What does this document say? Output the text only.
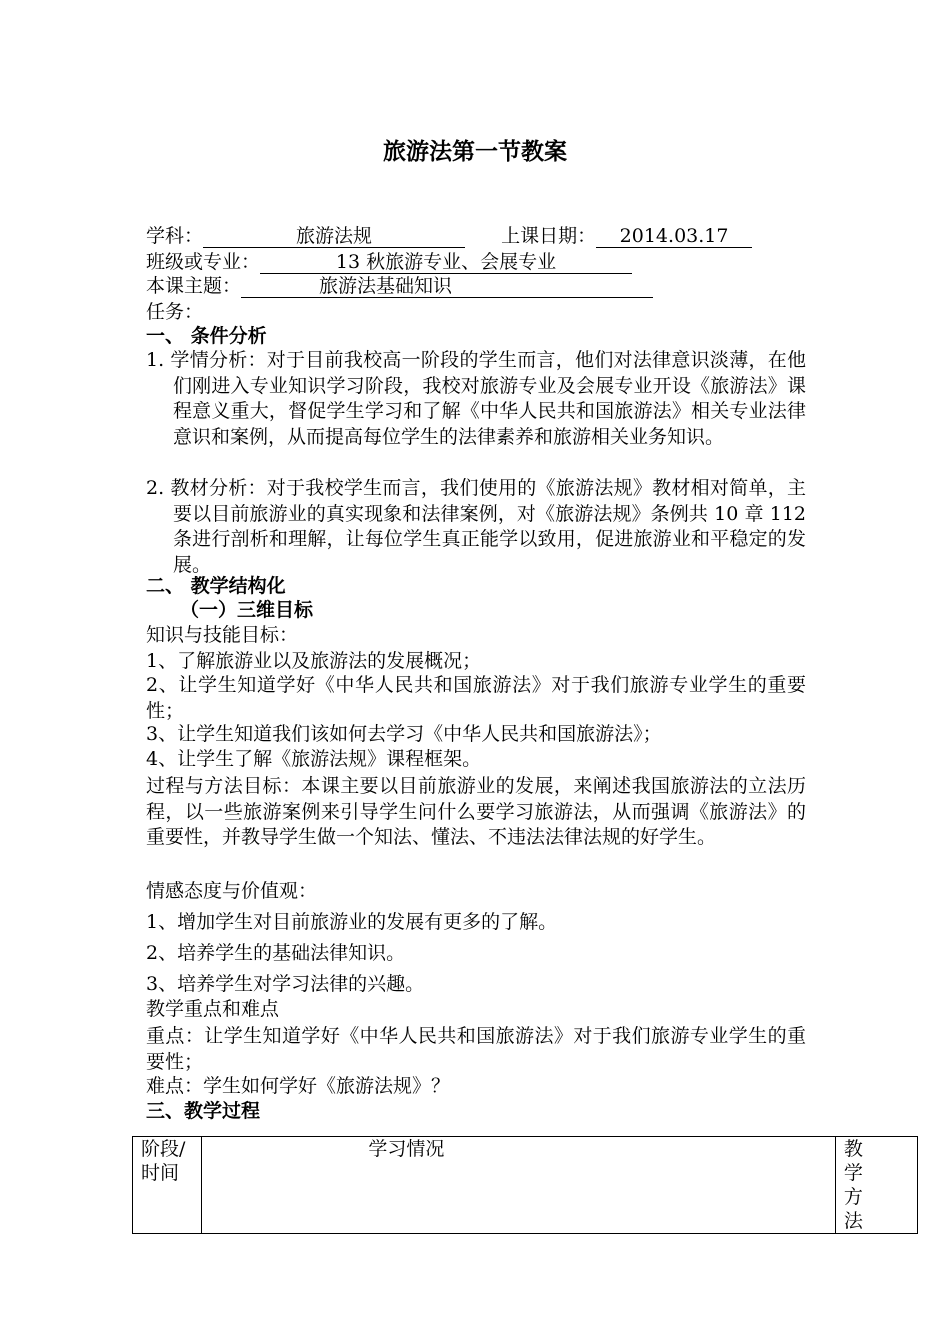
旅游法第一节教案
学科：	旅游法规	上课日期： 2014.03.17
班级或专业：	13 秋旅游专业、会展专业
本课主题：	旅游法基础知识
任务：
一、 条件分析
1. 学情分析：对于目前我校高一阶段的学生而言，他们对法律意识淡薄，在他们刚进入专业知识学习阶段，我校对旅游专业及会展专业开设《旅游法》课程意义重大，督促学生学习和了解《中华人民共和国旅游法》相关专业法律意识和案例，从而提高每位学生的法律素养和旅游相关业务知识。
2. 教材分析：对于我校学生而言，我们使用的《旅游法规》教材相对简单，主要以目前旅游业的真实现象和法律案例，对《旅游法规》条例共 10 章 112 条进行剖析和理解，让每位学生真正能学以致用，促进旅游业和平稳定的发展。
二、 教学结构化
（一）三维目标
知识与技能目标：
1、了解旅游业以及旅游法的发展概况；
2、让学生知道学好《中华人民共和国旅游法》对于我们旅游专业学生的重要性；
3、让学生知道我们该如何去学习《中华人民共和国旅游法》；
4、让学生了解《旅游法规》课程框架。
过程与方法目标：本课主要以目前旅游业的发展，来阐述我国旅游法的立法历程，以一些旅游案例来引导学生问什么要学习旅游法，从而强调《旅游法》的重要性，并教导学生做一个知法、懂法、不违法法律法规的好学生。
情感态度与价值观：
1、增加学生对目前旅游业的发展有更多的了解。
2、培养学生的基础法律知识。
3、培养学生对学习法律的兴趣。
教学重点和难点
重点：让学生知道学好《中华人民共和国旅游法》对于我们旅游专业学生的重要性；
难点：学生如何学好《旅游法规》？
三、教学过程
阶段/时间	学习情况	教 学 方 法
